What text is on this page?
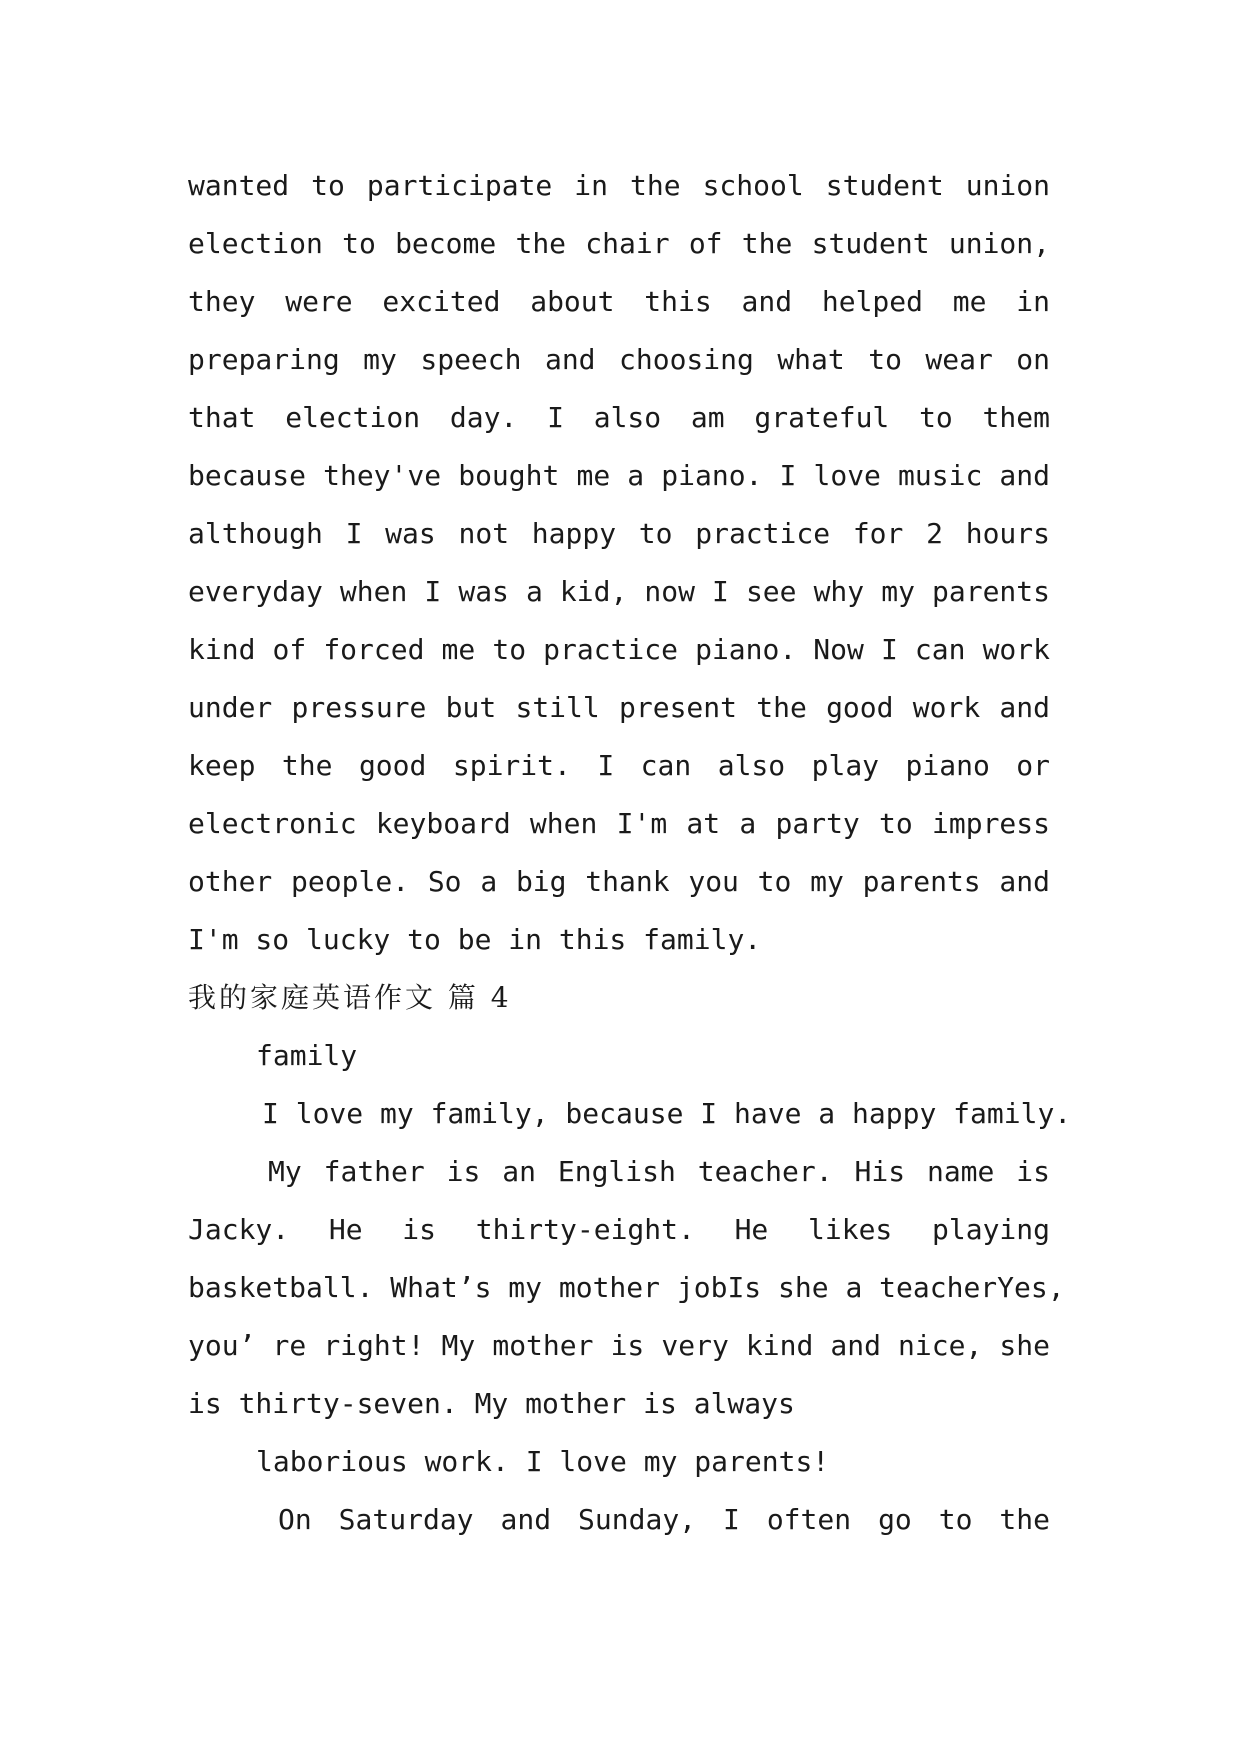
wanted to participate in the school student union
election to become the chair of the student union,
they were excited about this and helped me in
preparing my speech and choosing what to wear on
that election day. I also am grateful to them
because they've bought me a piano. I love music and
although I was not happy to practice for 2 hours
everyday when I was a kid, now I see why my parents
kind of forced me to practice piano. Now I can work
under pressure but still present the good work and
keep the good spirit. I can also play piano or
electronic keyboard when I'm at a party to impress
other people. So a big thank you to my parents and
I'm so lucky to be in this family.
我的家庭英语作文 篇 4
family
I love my family, because I have a happy family.
My father is an English teacher. His name is
Jacky. He is thirty-eight. He likes playing
basketball. What’s my mother jobIs she a teacherYes,
you’ re right! My mother is very kind and nice, she
is thirty-seven. My mother is always
laborious work. I love my parents!
On Saturday and Sunday, I often go to the
